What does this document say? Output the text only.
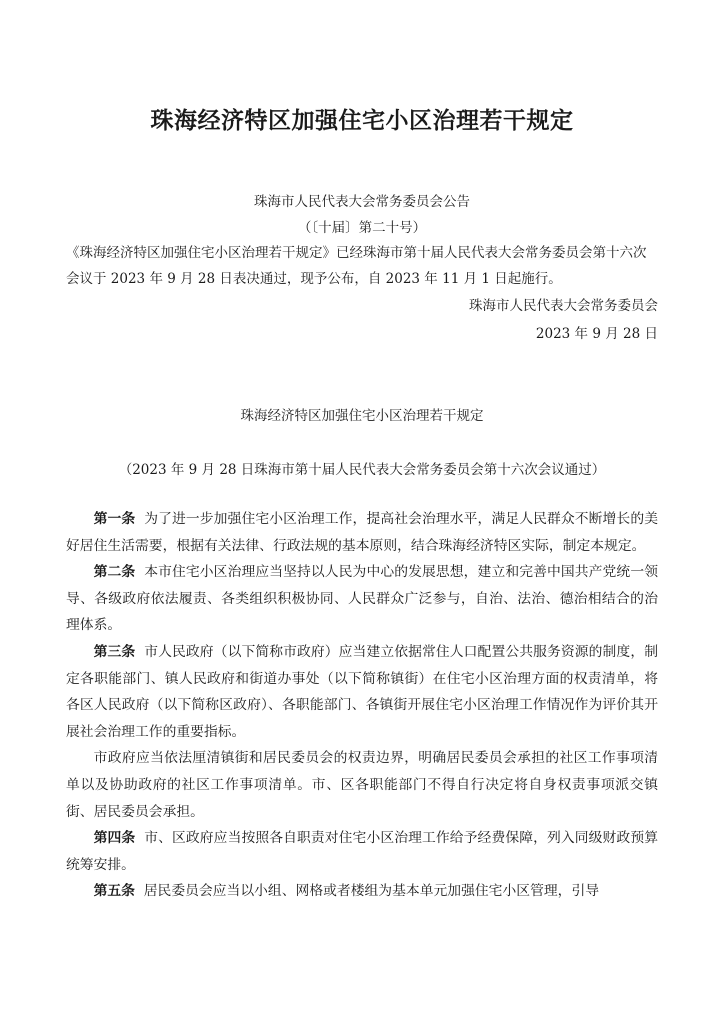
珠海经济特区加强住宅小区治理若干规定
珠海市人民代表大会常务委员会公告
（〔十届〕第二十号）
《珠海经济特区加强住宅小区治理若干规定》已经珠海市第十届人民代表大会常务委员会第十六次会议于 2023 年 9 月 28 日表决通过，现予公布，自 2023 年 11 月 1 日起施行。
珠海市人民代表大会常务委员会
2023 年 9 月 28 日
珠海经济特区加强住宅小区治理若干规定
（2023 年 9 月 28 日珠海市第十届人民代表大会常务委员会第十六次会议通过）

第一条 为了进一步加强住宅小区治理工作，提高社会治理水平，满足人民群众不断增长的美好居住生活需要，根据有关法律、行政法规的基本原则，结合珠海经济特区实际，制定本规定。

第二条 本市住宅小区治理应当坚持以人民为中心的发展思想，建立和完善中国共产党统一领导、各级政府依法履责、各类组织积极协同、人民群众广泛参与，自治、法治、德治相结合的治理体系。

第三条 市人民政府（以下简称市政府）应当建立依据常住人口配置公共服务资源的制度，制定各职能部门、镇人民政府和街道办事处（以下简称镇街）在住宅小区治理方面的权责清单，将各区人民政府（以下简称区政府）、各职能部门、各镇街开展住宅小区治理工作情况作为评价其开展社会治理工作的重要指标。

市政府应当依法厘清镇街和居民委员会的权责边界，明确居民委员会承担的社区工作事项清单以及协助政府的社区工作事项清单。市、区各职能部门不得自行决定将自身权责事项派交镇街、居民委员会承担。

第四条 市、区政府应当按照各自职责对住宅小区治理工作给予经费保障，列入同级财政预算统筹安排。

第五条 居民委员会应当以小组、网格或者楼组为基本单元加强住宅小区管理，引导
